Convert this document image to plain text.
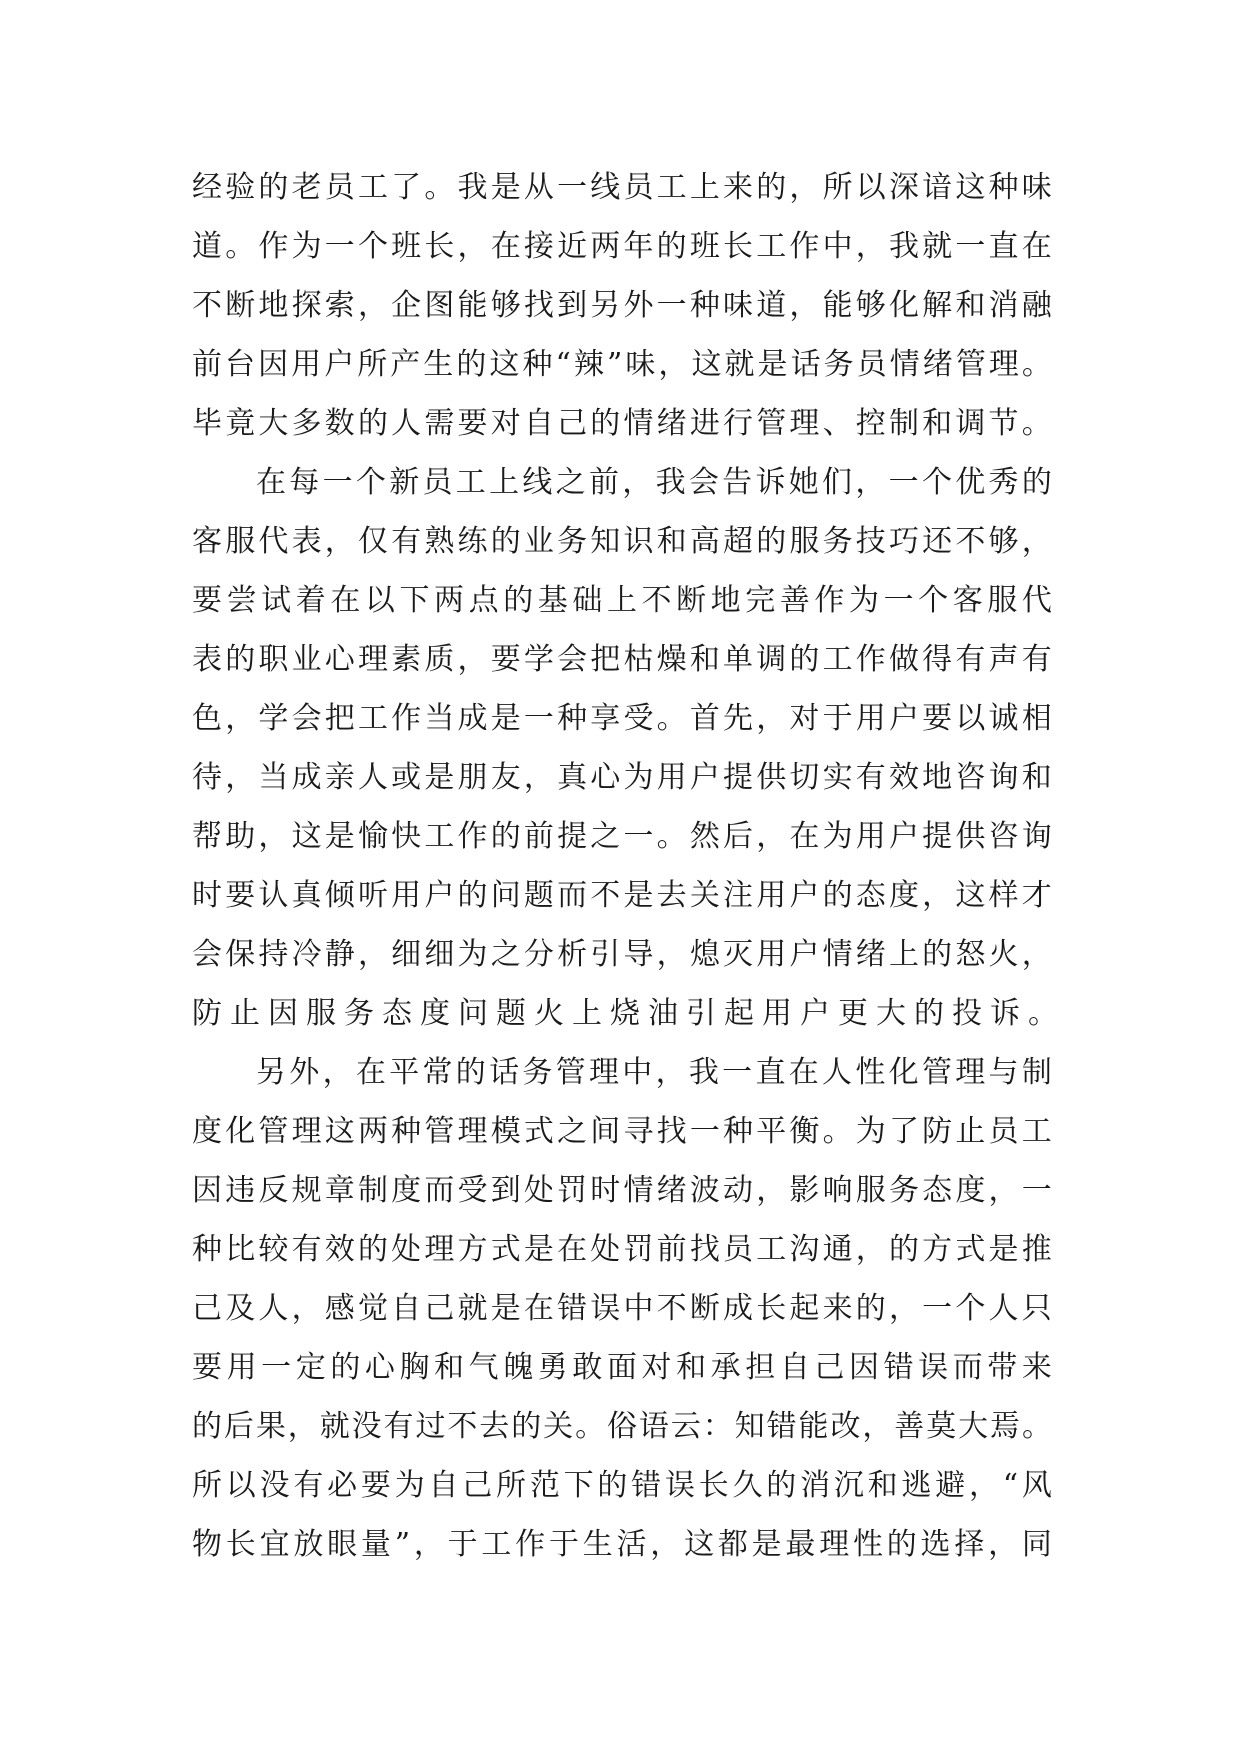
经 验 的 老 员 工 了 。 我 是 从 一 线 员 工 上 来 的 ， 所 以 深 谙 这 种 味
道 。 作 为 一 个 班 长 ， 在 接 近 两 年 的 班 长 工 作 中 ， 我 就 一 直 在
不 断 地 探 索 ， 企 图 能 够 找 到 另 外 一 种 味 道 ， 能 够 化 解 和 消 融
前 台 因 用 户 所 产 生 的 这 种 “ 辣 ” 味 ， 这 就 是 话 务 员 情 绪 管 理 。
毕 竟 大 多 数 的 人 需 要 对 自 己 的 情 绪 进 行 管 理 、 控 制 和 调 节 。
在 每 一 个 新 员 工 上 线 之 前 ， 我 会 告 诉 她 们 ， 一 个 优 秀 的
客 服 代 表 ， 仅 有 熟 练 的 业 务 知 识 和 高 超 的 服 务 技 巧 还 不 够 ，
要 尝 试 着 在 以 下 两 点 的 基 础 上 不 断 地 完 善 作 为 一 个 客 服 代
表 的 职 业 心 理 素 质 ， 要 学 会 把 枯 燥 和 单 调 的 工 作 做 得 有 声 有
色 ， 学 会 把 工 作 当 成 是 一 种 享 受 。 首 先 ， 对 于 用 户 要 以 诚 相
待 ， 当 成 亲 人 或 是 朋 友 ， 真 心 为 用 户 提 供 切 实 有 效 地 咨 询 和
帮 助 ， 这 是 愉 快 工 作 的 前 提 之 一 。 然 后 ， 在 为 用 户 提 供 咨 询
时 要 认 真 倾 听 用 户 的 问 题 而 不 是 去 关 注 用 户 的 态 度 ， 这 样 才
会 保 持 冷 静 ， 细 细 为 之 分 析 引 导 ， 熄 灭 用 户 情 绪 上 的 怒 火 ，
防止因服务态度问题火上烧油引起用户更大的投诉。
另 外 ， 在 平 常 的 话 务 管 理 中 ， 我 一 直 在 人 性 化 管 理 与 制
度 化 管 理 这 两 种 管 理 模 式 之 间 寻 找 一 种 平 衡 。 为 了 防 止 员 工
因 违 反 规 章 制 度 而 受 到 处 罚 时 情 绪 波 动 ， 影 响 服 务 态 度 ， 一
种 比 较 有 效 的 处 理 方 式 是 在 处 罚 前 找 员 工 沟 通 ， 的 方 式 是 推
己 及 人 ， 感 觉 自 己 就 是 在 错 误 中 不 断 成 长 起 来 的 ， 一 个 人 只
要 用 一 定 的 心 胸 和 气 魄 勇 敢 面 对 和 承 担 自 己 因 错 误 而 带 来
的 后 果 ， 就 没 有 过 不 去 的 关 。 俗 语 云 ： 知 错 能 改 ， 善 莫 大 焉 。
所 以 没 有 必 要 为 自 己 所 范 下 的 错 误 长 久 的 消 沉 和 逃 避 ， “ 风
物 长 宜 放 眼 量 ” ， 于 工 作 于 生 活 ， 这 都 是 最 理 性 的 选 择 ， 同
